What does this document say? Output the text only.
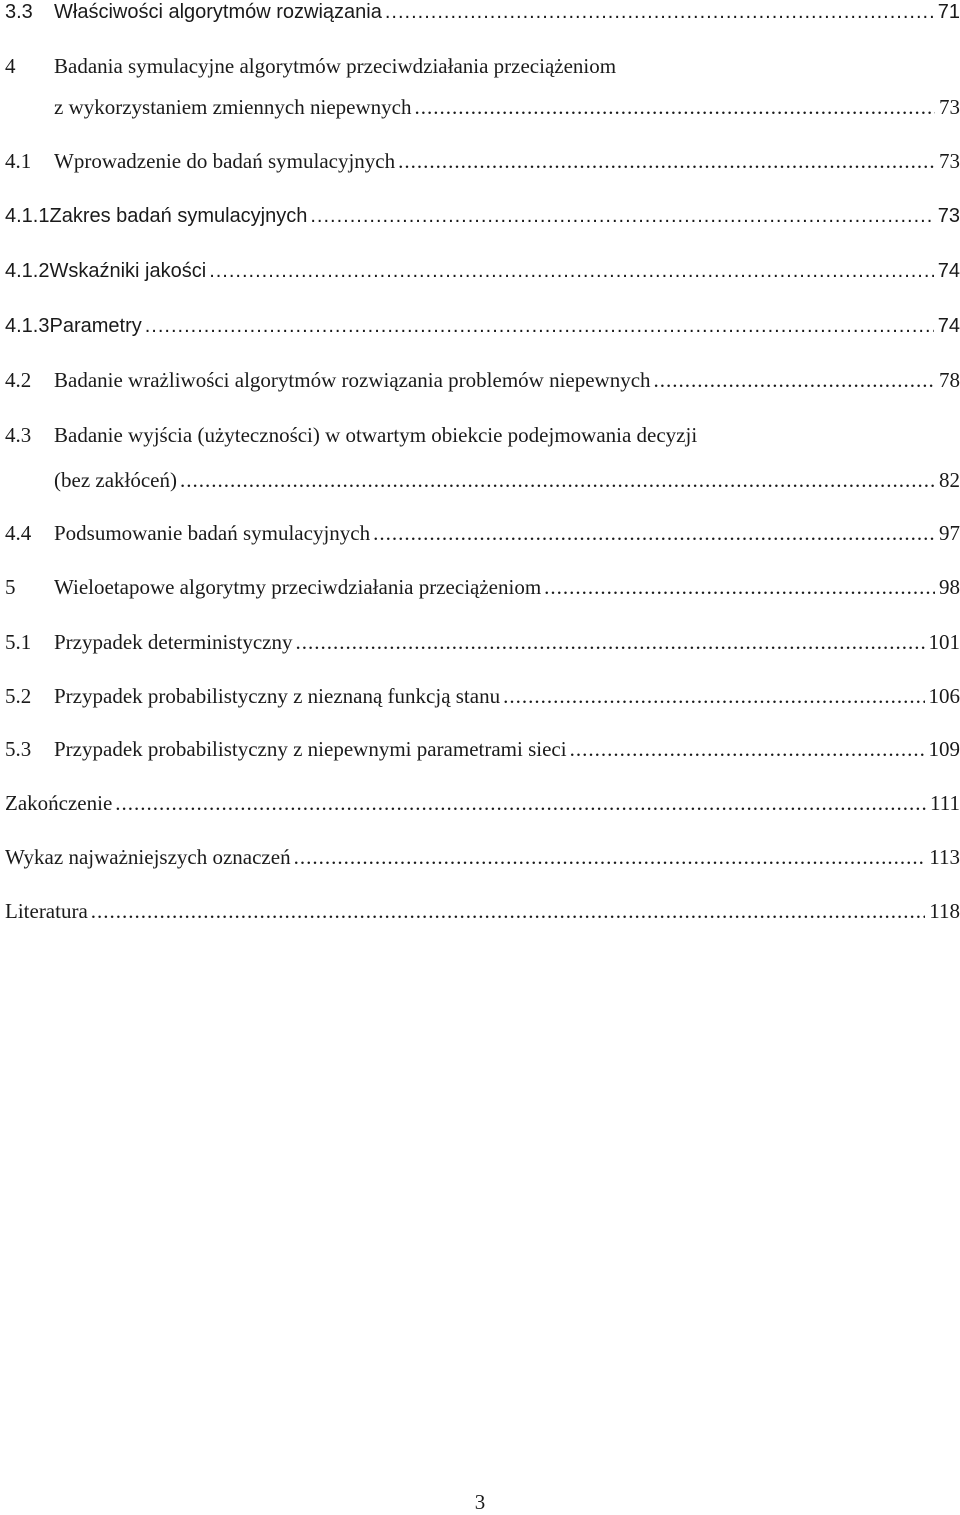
3.3	Właściwości algorytmów rozwiązania .....	71
4	Badania symulacyjne algorytmów przeciwdziałania przeciążeniom
z wykorzystaniem zmiennych niepewnych .....	73
4.1	Wprowadzenie do badań symulacyjnych .....	73
4.1.1 Zakres badań symulacyjnych .....	73
4.1.2 Wskaźniki jakości .....	74
4.1.3 Parametry .....	74
4.2	Badanie wrażliwości algorytmów rozwiązania problemów niepewnych .....	78
4.3	Badanie wyjścia (użyteczności) w otwartym obiekcie podejmowania decyzji
(bez zakłóceń) .....	82
4.4	Podsumowanie badań symulacyjnych .....	97
5	Wieloetapowe algorytmy przeciwdziałania przeciążeniom .....	98
5.1	Przypadek deterministyczny .....	101
5.2	Przypadek probabilistyczny z nieznaną funkcją stanu .....	106
5.3	Przypadek probabilistyczny z niepewnymi parametrami sieci .....	109
Zakończenie .....	111
Wykaz najważniejszych oznaczeń .....	113
Literatura .....	118
3
